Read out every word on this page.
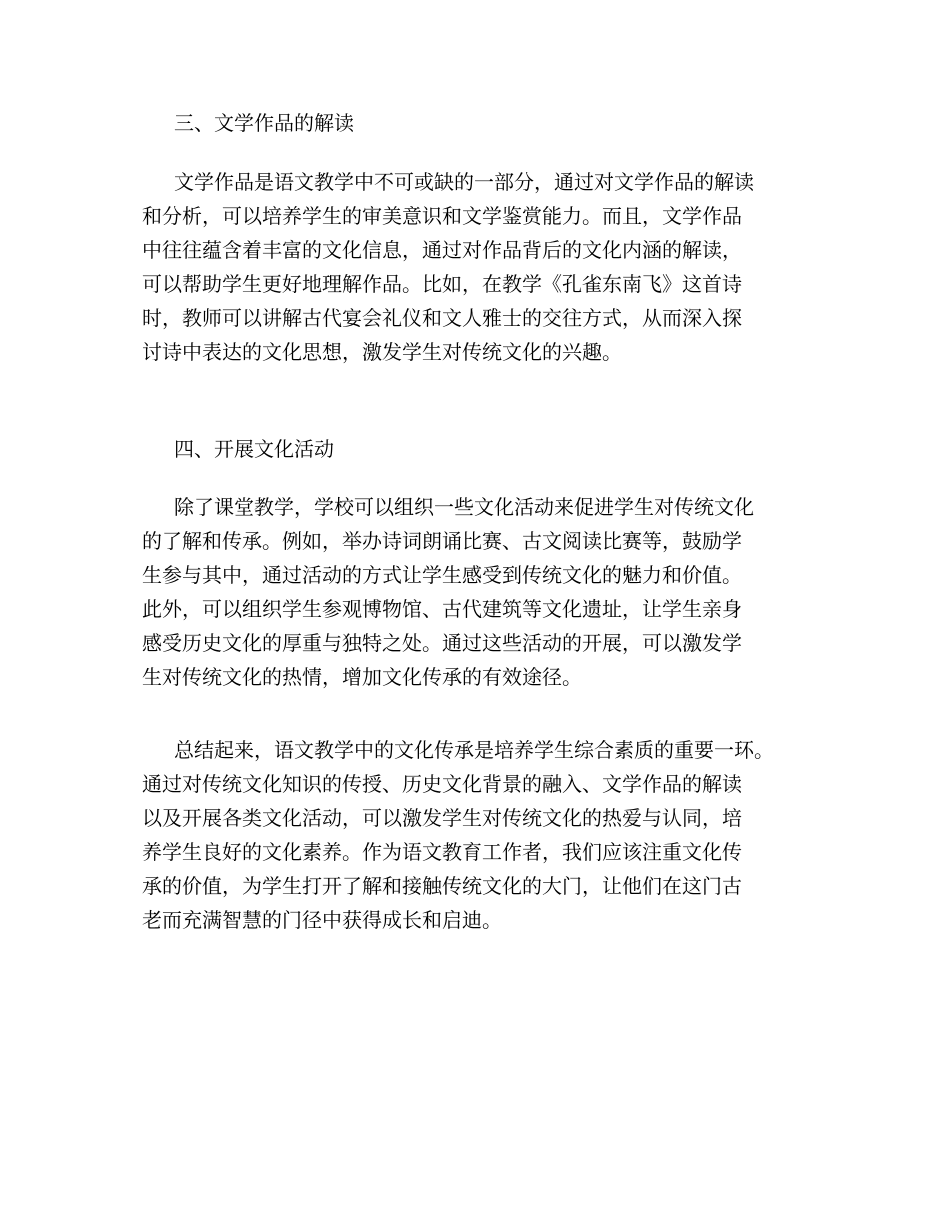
三、文学作品的解读
文学作品是语文教学中不可或缺的一部分，通过对文学作品的解读
和分析，可以培养学生的审美意识和文学鉴赏能力。而且，文学作品
中往往蕴含着丰富的文化信息，通过对作品背后的文化内涵的解读，
可以帮助学生更好地理解作品。比如，在教学《孔雀东南飞》这首诗
时，教师可以讲解古代宴会礼仪和文人雅士的交往方式，从而深入探
讨诗中表达的文化思想，激发学生对传统文化的兴趣。
四、开展文化活动
除了课堂教学，学校可以组织一些文化活动来促进学生对传统文化
的了解和传承。例如，举办诗词朗诵比赛、古文阅读比赛等，鼓励学
生参与其中，通过活动的方式让学生感受到传统文化的魅力和价值。
此外，可以组织学生参观博物馆、古代建筑等文化遗址，让学生亲身
感受历史文化的厚重与独特之处。通过这些活动的开展，可以激发学
生对传统文化的热情，增加文化传承的有效途径。
总结起来，语文教学中的文化传承是培养学生综合素质的重要一环。
通过对传统文化知识的传授、历史文化背景的融入、文学作品的解读
以及开展各类文化活动，可以激发学生对传统文化的热爱与认同，培
养学生良好的文化素养。作为语文教育工作者，我们应该注重文化传
承的价值，为学生打开了解和接触传统文化的大门，让他们在这门古
老而充满智慧的门径中获得成长和启迪。
